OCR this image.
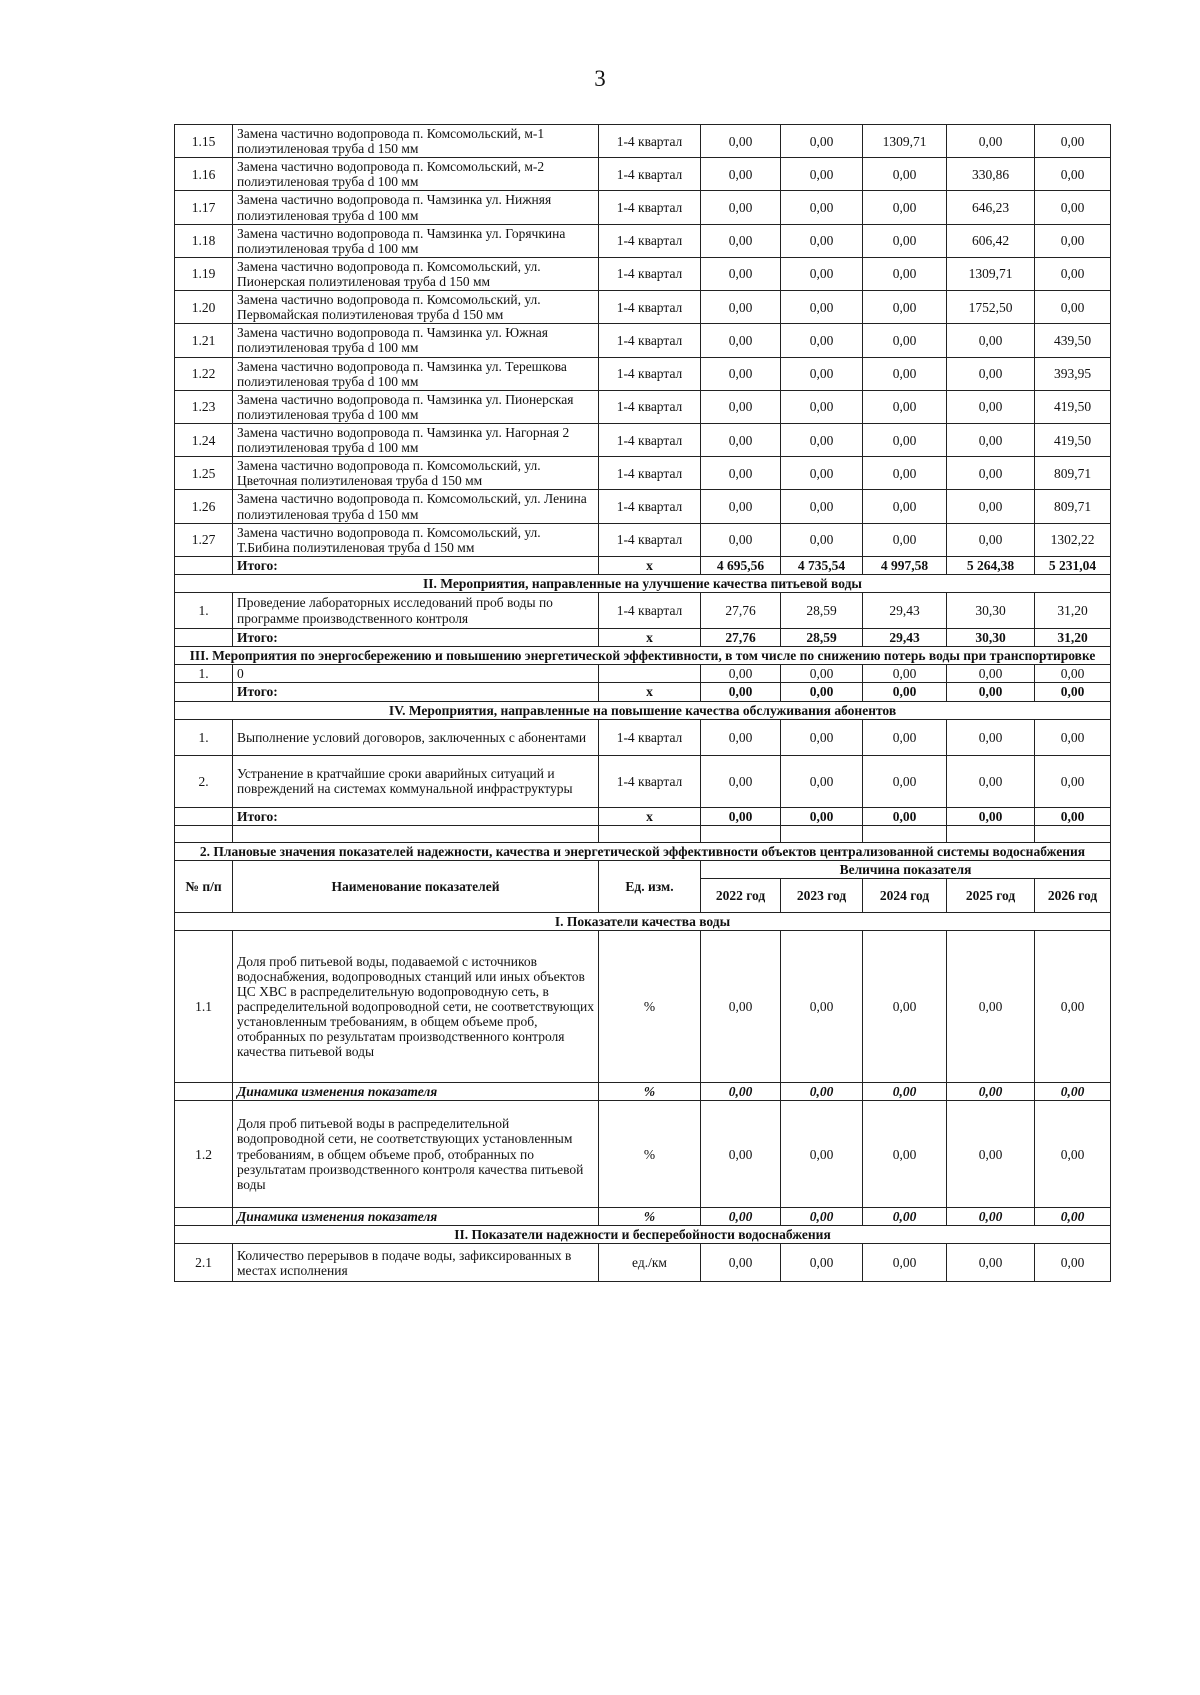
3
1.15	Замена частично водопровода п. Комсомольский, м-1 полиэтиленовая труба d 150 мм	1-4 квартал	0,00	0,00	1309,71	0,00	0,00
1.16	Замена частично водопровода п. Комсомольский, м-2 полиэтиленовая труба d 100 мм	1-4 квартал	0,00	0,00	0,00	330,86	0,00
1.17	Замена частично водопровода п. Чамзинка ул. Нижняя полиэтиленовая труба d 100 мм	1-4 квартал	0,00	0,00	0,00	646,23	0,00
1.18	Замена частично водопровода п. Чамзинка ул. Горячкина полиэтиленовая труба d 100 мм	1-4 квартал	0,00	0,00	0,00	606,42	0,00
1.19	Замена частично водопровода п. Комсомольский, ул. Пионерская полиэтиленовая труба d 150 мм	1-4 квартал	0,00	0,00	0,00	1309,71	0,00
1.20	Замена частично водопровода п. Комсомольский, ул. Первомайская полиэтиленовая труба d 150 мм	1-4 квартал	0,00	0,00	0,00	1752,50	0,00
1.21	Замена частично водопровода п. Чамзинка ул. Южная полиэтиленовая труба d 100 мм	1-4 квартал	0,00	0,00	0,00	0,00	439,50
1.22	Замена частично водопровода п. Чамзинка ул. Терешкова полиэтиленовая труба d 100 мм	1-4 квартал	0,00	0,00	0,00	0,00	393,95
1.23	Замена частично водопровода п. Чамзинка ул. Пионерская полиэтиленовая труба d 100 мм	1-4 квартал	0,00	0,00	0,00	0,00	419,50
1.24	Замена частично водопровода п. Чамзинка ул. Нагорная 2 полиэтиленовая труба d 100 мм	1-4 квартал	0,00	0,00	0,00	0,00	419,50
1.25	Замена частично водопровода п. Комсомольский, ул. Цветочная полиэтиленовая труба d 150 мм	1-4 квартал	0,00	0,00	0,00	0,00	809,71
1.26	Замена частично водопровода п. Комсомольский, ул. Ленина полиэтиленовая труба d 150 мм	1-4 квартал	0,00	0,00	0,00	0,00	809,71
1.27	Замена частично водопровода п. Комсомольский, ул. Т.Бибина полиэтиленовая труба d 150 мм	1-4 квартал	0,00	0,00	0,00	0,00	1302,22
	Итого:	х	4 695,56	4 735,54	4 997,58	5 264,38	5 231,04
II. Мероприятия, направленные на улучшение качества питьевой воды							
1.	Проведение лабораторных исследований проб воды по программе производственного контроля	1-4 квартал	27,76	28,59	29,43	30,30	31,20
	Итого:	х	27,76	28,59	29,43	30,30	31,20
III. Мероприятия по энергосбережению и повышению энергетической эффективности, в том числе по снижению потерь воды при транспортировке							
1.	0		0,00	0,00	0,00	0,00	0,00
	Итого:	х	0,00	0,00	0,00	0,00	0,00
IV. Мероприятия, направленные на повышение качества обслуживания абонентов							
1.	Выполнение условий договоров, заключенных с абонентами	1-4 квартал	0,00	0,00	0,00	0,00	0,00
2.	Устранение в кратчайшие сроки аварийных ситуаций и повреждений на системах коммунальной инфраструктуры	1-4 квартал	0,00	0,00	0,00	0,00	0,00
	Итого:	х	0,00	0,00	0,00	0,00	0,00

2. Плановые значения показателей надежности, качества и энергетической эффективности объектов централизованной системы водоснабжения							
№ п/п	Наименование показателей	Ед. изм.	Величина показателя				
			2022 год	2023 год	2024 год	2025 год	2026 год
I. Показатели качества воды							
1.1	Доля проб питьевой воды, подаваемой с источников водоснабжения, водопроводных станций или иных объектов ЦС ХВС в распределительную водопроводную сеть, в распределительной водопроводной сети, не соответствующих установленным требованиям, в общем объеме проб, отобранных по результатам производственного контроля качества питьевой воды	%	0,00	0,00	0,00	0,00	0,00
	Динамика изменения показателя	%	0,00	0,00	0,00	0,00	0,00
1.2	Доля проб питьевой воды в распределительной водопроводной сети, не соответствующих установленным требованиям, в общем объеме проб, отобранных по результатам производственного контроля качества питьевой воды	%	0,00	0,00	0,00	0,00	0,00
	Динамика изменения показателя	%	0,00	0,00	0,00	0,00	0,00
II. Показатели надежности и бесперебойности водоснабжения							
2.1	Количество перерывов в подаче воды, зафиксированных в местах исполнения	ед./км	0,00	0,00	0,00	0,00	0,00
